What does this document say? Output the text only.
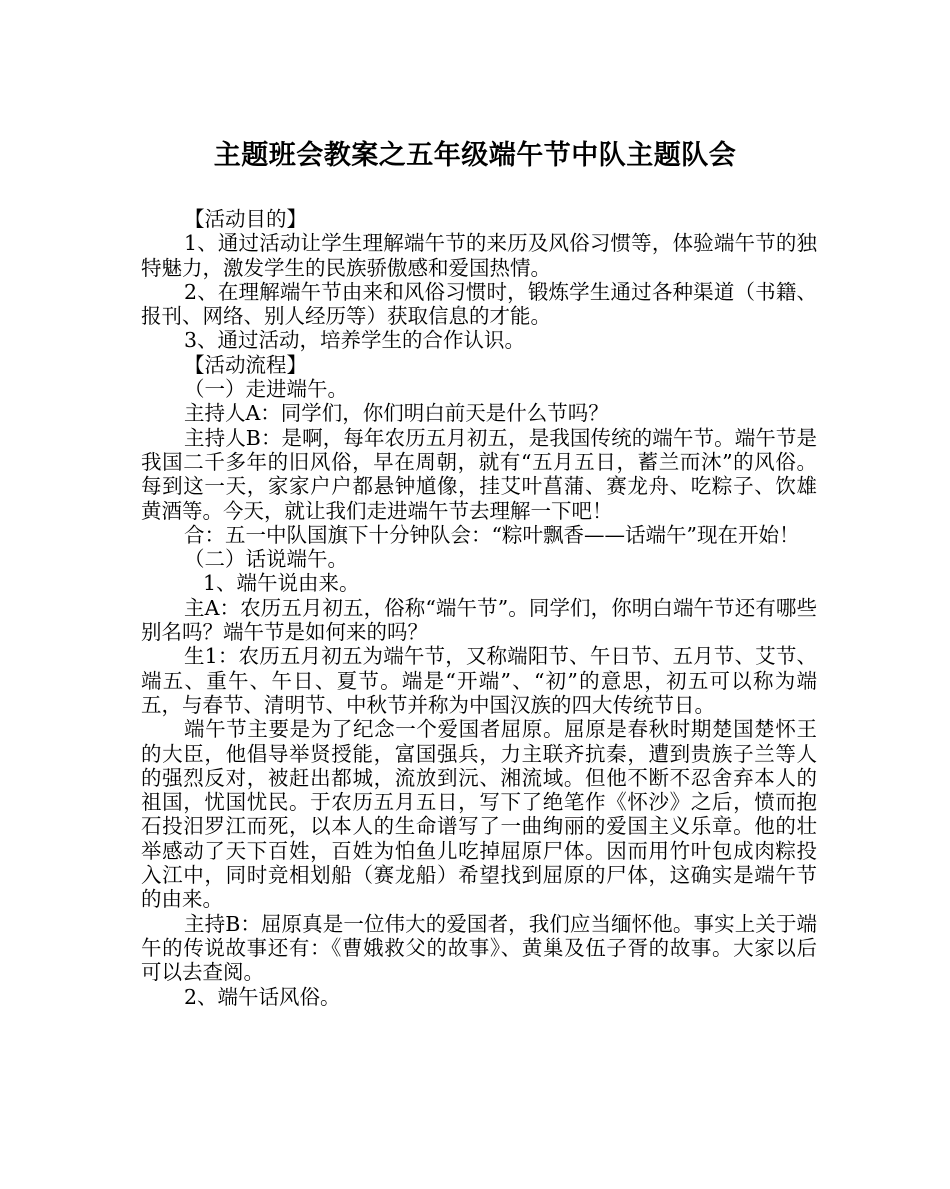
主题班会教案之五年级端午节中队主题队会

【活动目的】

1、通过活动让学生理解端午节的来历及风俗习惯等，体验端午节的独特魅力，激发学生的民族骄傲感和爱国热情。

2、在理解端午节由来和风俗习惯时，锻炼学生通过各种渠道（书籍、报刊、网络、别人经历等）获取信息的才能。

3、通过活动，培养学生的合作认识。

【活动流程】

（一）走进端午。

主持人A：同学们，你们明白前天是什么节吗？

主持人B：是啊，每年农历五月初五，是我国传统的端午节。端午节是我国二千多年的旧风俗，早在周朝，就有“五月五日，蓄兰而沐”的风俗。每到这一天，家家户户都悬钟馗像，挂艾叶菖蒲、赛龙舟、吃粽子、饮雄黄酒等。今天，就让我们走进端午节去理解一下吧！

合：五一中队国旗下十分钟队会：“粽叶飘香——话端午”现在开始！

（二）话说端午。

1、端午说由来。

主A：农历五月初五，俗称“端午节”。同学们，你明白端午节还有哪些别名吗？端午节是如何来的吗？

生1：农历五月初五为端午节，又称端阳节、午日节、五月节、艾节、端五、重午、午日、夏节。端是“开端”、“初”的意思，初五可以称为端五，与春节、清明节、中秋节并称为中国汉族的四大传统节日。

端午节主要是为了纪念一个爱国者屈原。屈原是春秋时期楚国楚怀王的大臣，他倡导举贤授能，富国强兵，力主联齐抗秦，遭到贵族子兰等人的强烈反对，被赶出都城，流放到沅、湘流域。但他不断不忍舍弃本人的祖国，忧国忧民。于农历五月五日，写下了绝笔作《怀沙》之后，愤而抱石投汨罗江而死，以本人的生命谱写了一曲绚丽的爱国主义乐章。他的壮举感动了天下百姓，百姓为怕鱼儿吃掉屈原尸体。因而用竹叶包成肉粽投入江中，同时竞相划船（赛龙船）希望找到屈原的尸体，这确实是端午节的由来。

主持B：屈原真是一位伟大的爱国者，我们应当缅怀他。事实上关于端午的传说故事还有：《曹娥救父的故事》、黄巢及伍子胥的故事。大家以后可以去查阅。

2、端午话风俗。
